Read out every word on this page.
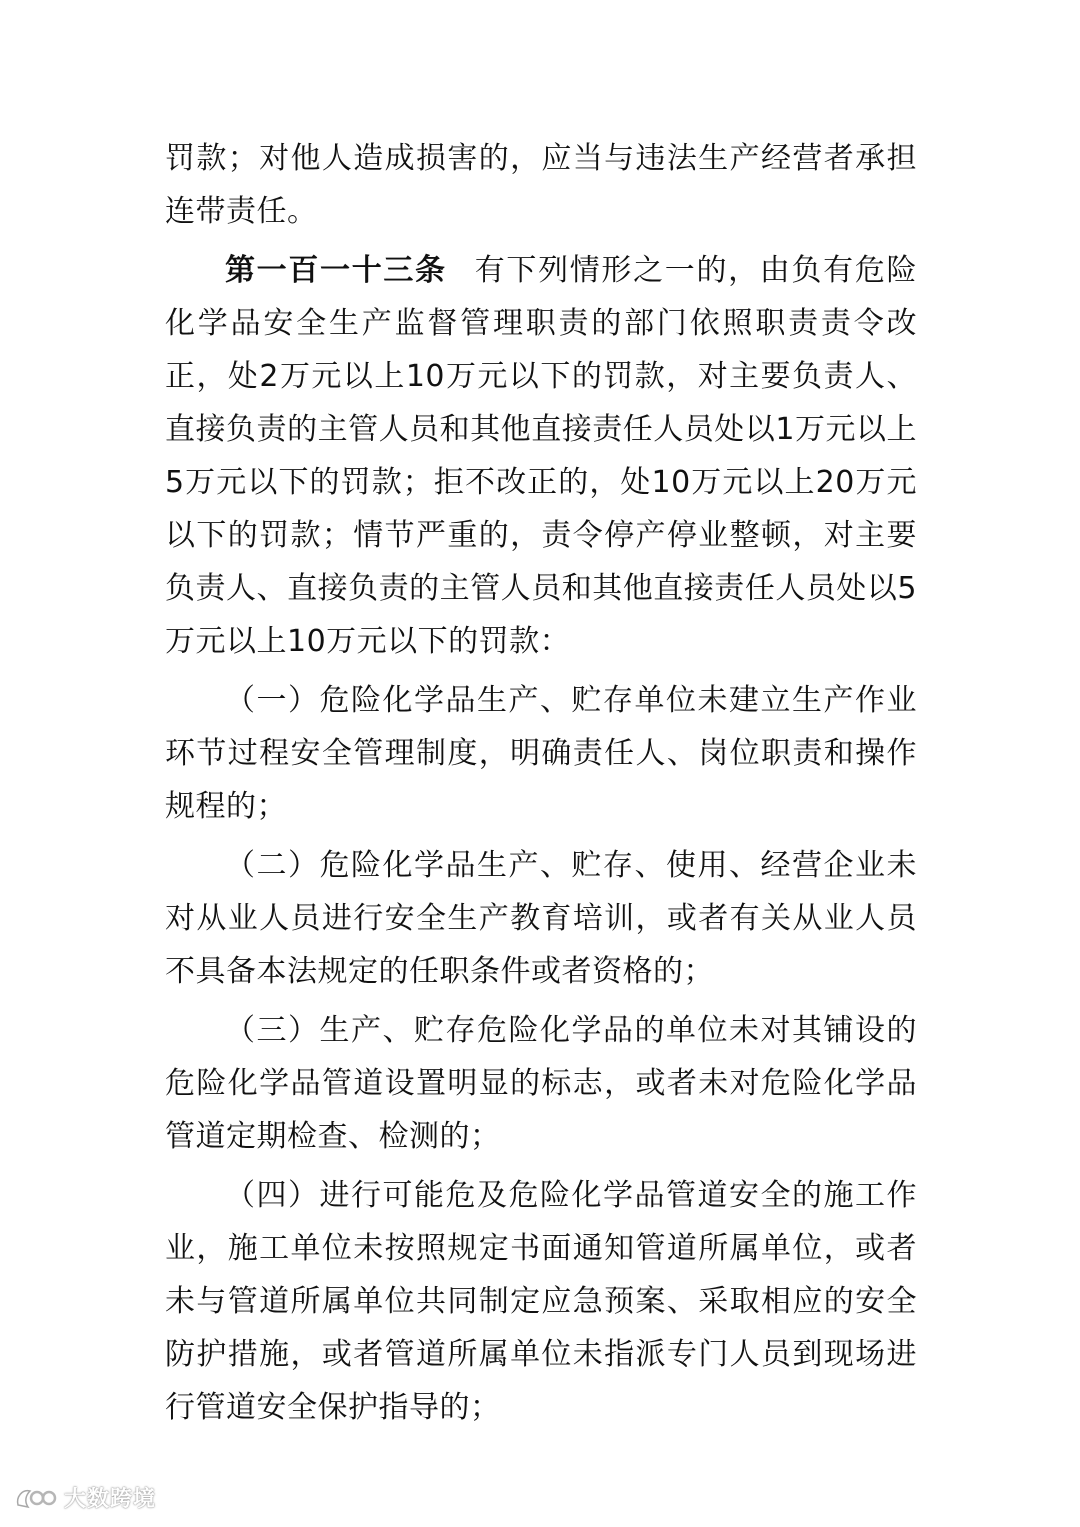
罚款；对他人造成损害的，应当与违法生产经营者承担连带责任。

第一百一十三条 有下列情形之一的，由负有危险化学品安全生产监督管理职责的部门依照职责责令改正，处2万元以上10万元以下的罚款，对主要负责人、直接负责的主管人员和其他直接责任人员处以1万元以上5万元以下的罚款；拒不改正的，处10万元以上20万元以下的罚款；情节严重的，责令停产停业整顿，对主要负责人、直接负责的主管人员和其他直接责任人员处以5万元以上10万元以下的罚款：

（一）危险化学品生产、贮存单位未建立生产作业环节过程安全管理制度，明确责任人、岗位职责和操作规程的；

（二）危险化学品生产、贮存、使用、经营企业未对从业人员进行安全生产教育培训，或者有关从业人员不具备本法规定的任职条件或者资格的；

（三）生产、贮存危险化学品的单位未对其铺设的危险化学品管道设置明显的标志，或者未对危险化学品管道定期检查、检测的；

（四）进行可能危及危险化学品管道安全的施工作业，施工单位未按照规定书面通知管道所属单位，或者未与管道所属单位共同制定应急预案、采取相应的安全防护措施，或者管道所属单位未指派专门人员到现场进行管道安全保护指导的；

大数跨境
